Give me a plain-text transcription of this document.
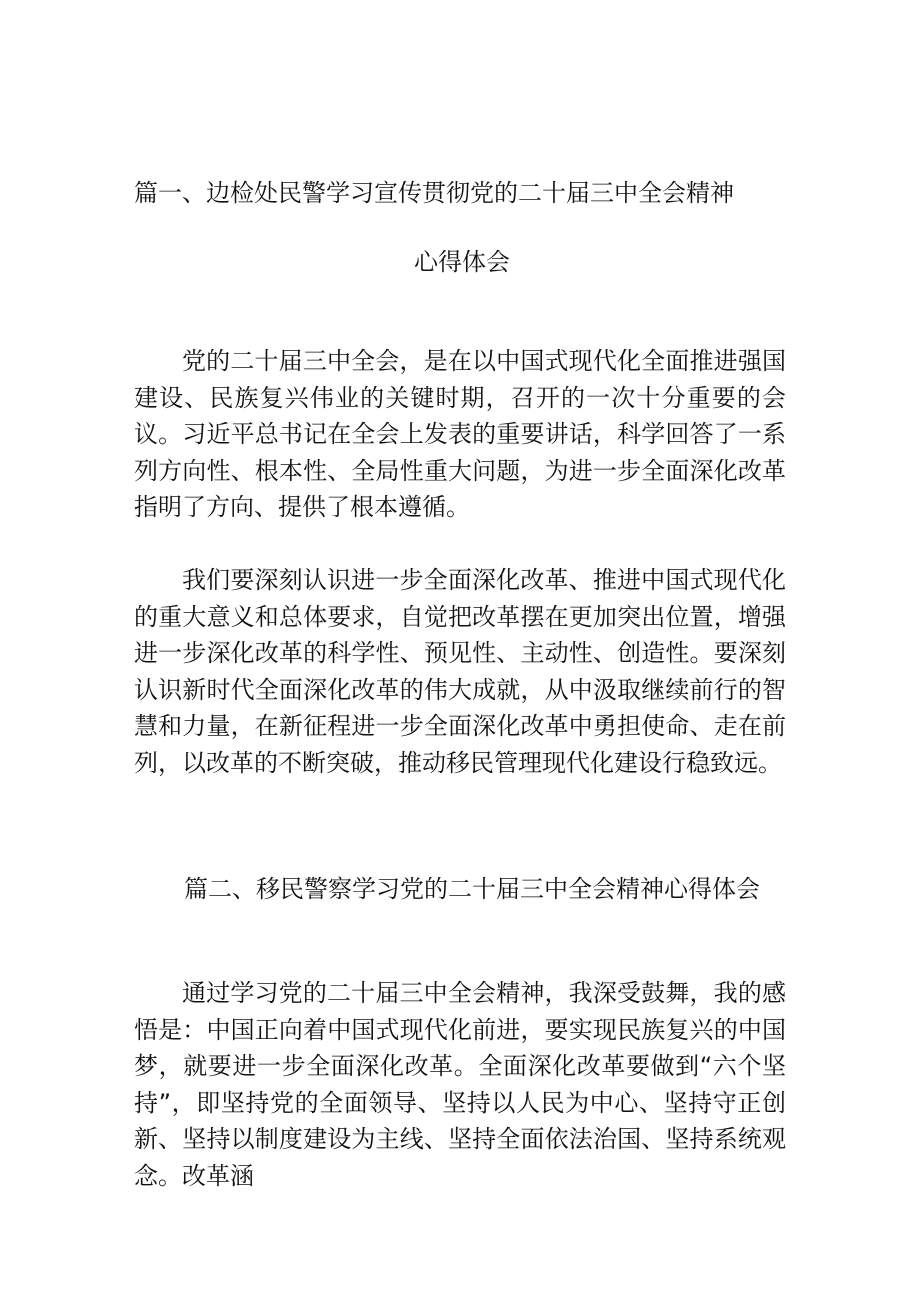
篇一、边检处民警学习宣传贯彻党的二十届三中全会精神
心得体会

党的二十届三中全会，是在以中国式现代化全面推进强国建设、民族复兴伟业的关键时期，召开的一次十分重要的会议。习近平总书记在全会上发表的重要讲话，科学回答了一系列方向性、根本性、全局性重大问题，为进一步全面深化改革指明了方向、提供了根本遵循。

我们要深刻认识进一步全面深化改革、推进中国式现代化的重大意义和总体要求，自觉把改革摆在更加突出位置，增强进一步深化改革的科学性、预见性、主动性、创造性。要深刻认识新时代全面深化改革的伟大成就，从中汲取继续前行的智慧和力量，在新征程进一步全面深化改革中勇担使命、走在前列，以改革的不断突破，推动移民管理现代化建设行稳致远。

篇二、移民警察学习党的二十届三中全会精神心得体会

通过学习党的二十届三中全会精神，我深受鼓舞，我的感悟是：中国正向着中国式现代化前进，要实现民族复兴的中国梦，就要进一步全面深化改革。全面深化改革要做到“六个坚持”，即坚持党的全面领导、坚持以人民为中心、坚持守正创新、坚持以制度建设为主线、坚持全面依法治国、坚持系统观念。改革涵
